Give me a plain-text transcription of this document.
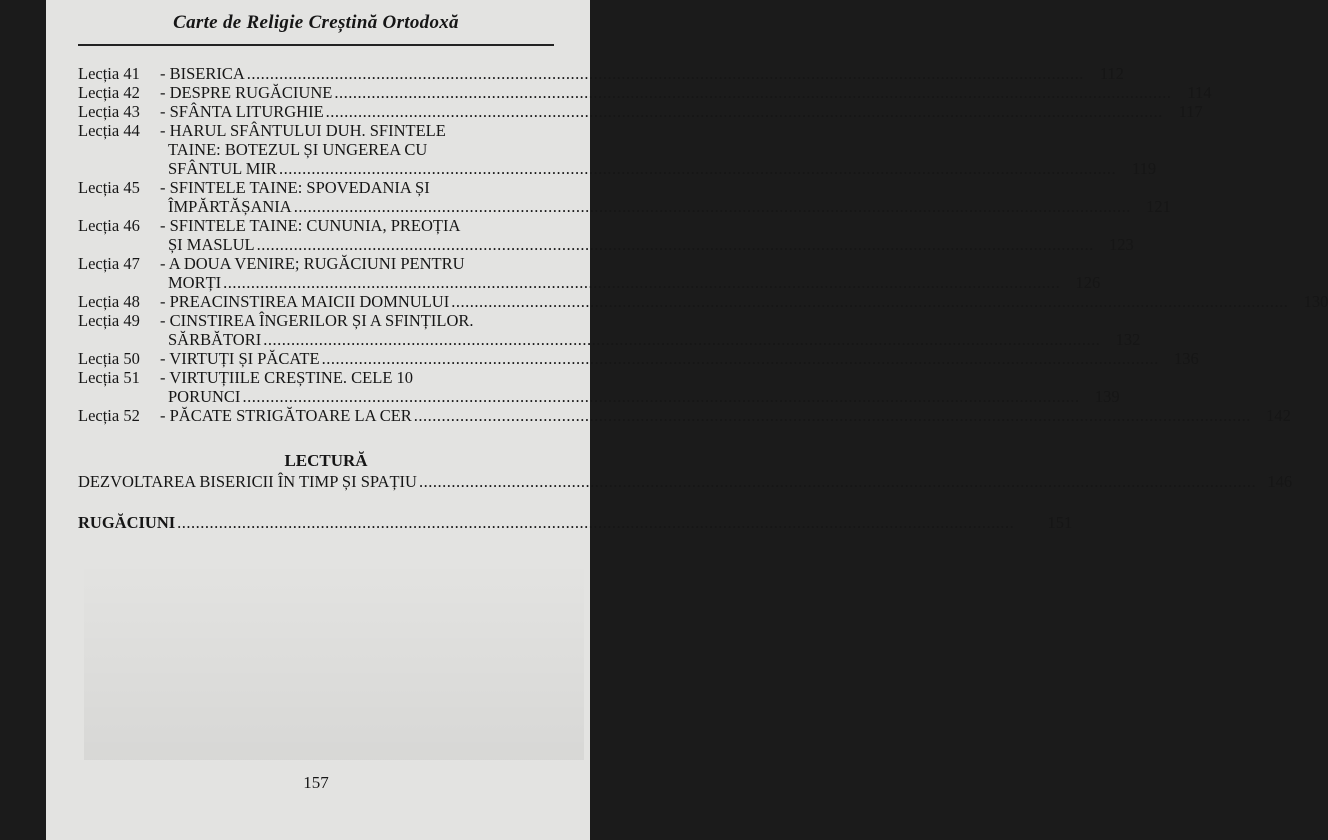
Carte de Religie Creștină Ortodoxă
Lecția 41	- BISERICA .....	112
Lecția 42	- DESPRE RUGĂCIUNE .....	114
Lecția 43	- SFÂNTA LITURGHIE .....	117
Lecția 44	- HARUL SFÂNTULUI DUH. SFINTELE
TAINE: BOTEZUL ȘI UNGEREA CU
SFÂNTUL MIR .....	119
Lecția 45	- SFINTELE TAINE: SPOVEDANIA ȘI
ÎMPĂRTĂȘANIA .....	121
Lecția 46	- SFINTELE TAINE: CUNUNIA, PREOȚIA
ȘI MASLUL .....	123
Lecția 47	- A DOUA VENIRE; RUGĂCIUNI PENTRU
MORȚI .....	126
Lecția 48	- PREACINSTIREA MAICII DOMNULUI .....	130
Lecția 49	- CINSTIREA ÎNGERILOR ȘI A SFINȚILOR.
SĂRBĂTORI .....	132
Lecția 50	- VIRTUȚI ȘI PĂCATE .....	136
Lecția 51	- VIRTUȚIILE CREȘTINE. CELE 10
PORUNCI .....	139
Lecția 52	- PĂCATE STRIGĂTOARE LA CER .....	142
LECTURĂ
DEZVOLTAREA BISERICII ÎN TIMP ȘI SPAȚIU .....	146
RUGĂCIUNI .....	151
157
